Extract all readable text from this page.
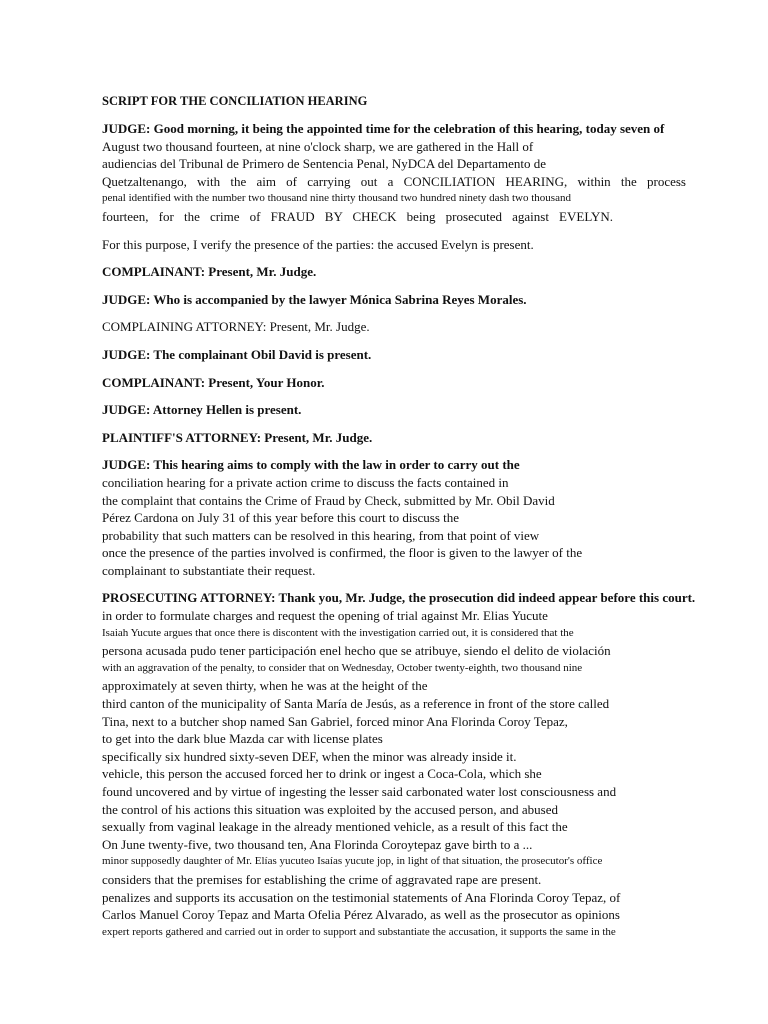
SCRIPT FOR THE CONCILIATION HEARING
JUDGE: Good morning, it being the appointed time for the celebration of this hearing, today seven of
August two thousand fourteen, at nine o'clock sharp, we are gathered in the Hall of
audiencias del Tribunal de Primero de Sentencia Penal, NyDCA del Departamento de
Quetzaltenango, with the aim of carrying out a CONCILIATION HEARING, within the process
penal identified with the number two thousand nine thirty thousand two hundred ninety dash two thousand
fourteen, for the crime of FRAUD BY CHECK being prosecuted against EVELYN.
For this purpose, I verify the presence of the parties: the accused Evelyn is present.
COMPLAINANT: Present, Mr. Judge.
JUDGE: Who is accompanied by the lawyer Mónica Sabrina Reyes Morales.
COMPLAINING ATTORNEY: Present, Mr. Judge.
JUDGE: The complainant Obil David is present.
COMPLAINANT: Present, Your Honor.
JUDGE: Attorney Hellen is present.
PLAINTIFF'S ATTORNEY: Present, Mr. Judge.
JUDGE: This hearing aims to comply with the law in order to carry out the
conciliation hearing for a private action crime to discuss the facts contained in
the complaint that contains the Crime of Fraud by Check, submitted by Mr. Obil David
Pérez Cardona on July 31 of this year before this court to discuss the
probability that such matters can be resolved in this hearing, from that point of view
once the presence of the parties involved is confirmed, the floor is given to the lawyer of the
complainant to substantiate their request.
PROSECUTING ATTORNEY: Thank you, Mr. Judge, the prosecution did indeed appear before this court.
in order to formulate charges and request the opening of trial against Mr. Elias Yucute
Isaiah Yucute argues that once there is discontent with the investigation carried out, it is considered that the
persona acusada pudo tener participación enel hecho que se atribuye, siendo el delito de violación
with an aggravation of the penalty, to consider that on Wednesday, October twenty-eighth, two thousand nine
approximately at seven thirty, when he was at the height of the
third canton of the municipality of Santa María de Jesús, as a reference in front of the store called
Tina, next to a butcher shop named San Gabriel, forced minor Ana Florinda Coroy Tepaz,
to get into the dark blue Mazda car with license plates
specifically six hundred sixty-seven DEF, when the minor was already inside it.
vehicle, this person the accused forced her to drink or ingest a Coca-Cola, which she
found uncovered and by virtue of ingesting the lesser said carbonated water lost consciousness and
the control of his actions this situation was exploited by the accused person, and abused
sexually from vaginal leakage in the already mentioned vehicle, as a result of this fact the
On June twenty-five, two thousand ten, Ana Florinda Coroytepaz gave birth to a ...
minor supposedly daughter of Mr. Elías yucuteo Isaías yucute jop, in light of that situation, the prosecutor's office
considers that the premises for establishing the crime of aggravated rape are present.
penalizes and supports its accusation on the testimonial statements of Ana Florinda Coroy Tepaz, of
Carlos Manuel Coroy Tepaz and Marta Ofelia Pérez Alvarado, as well as the prosecutor as opinions
expert reports gathered and carried out in order to support and substantiate the accusation, it supports the same in the
